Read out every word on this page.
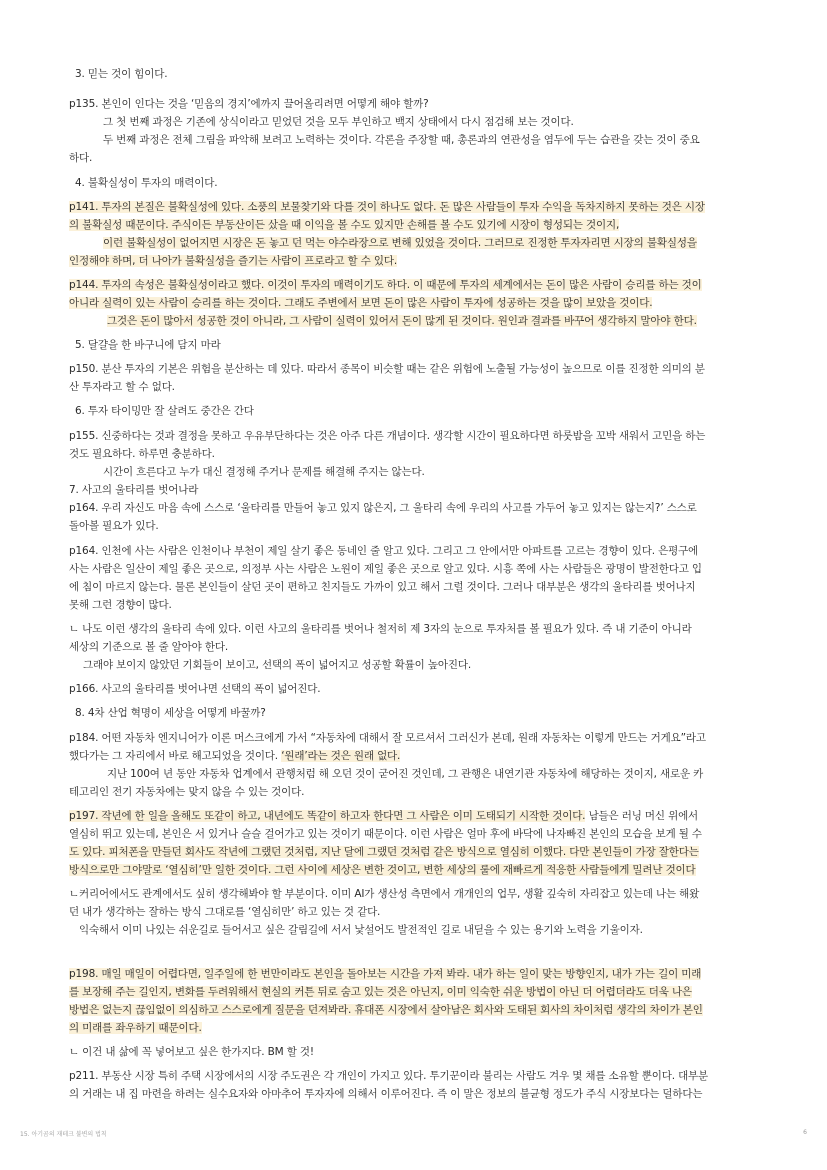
3. 믿는 것이 힘이다.

p135. 본인이 인다는 것을 ‘믿음의 경지’에까지 끌어올리려면 어떻게 해야 할까?

그 첫 번째 과정은 기존에 상식이라고 믿었던 것을 모두 부인하고 백지 상태에서 다시 점검해 보는 것이다.

두 번째 과정은 전체 그림을 파악해 보려고 노력하는 것이다. 각론을 주장할 때, 총론과의 연관성을 염두에 두는 습관을 갖는 것이 중요

하다.

4. 불확실성이 투자의 매력이다.

p141. 투자의 본질은 불확실성에 있다. 소풍의 보물찾기와 다를 것이 하나도 없다. 돈 많은 사람들이 투자 수익을 독차지하지 못하는 것은 시장

의 불확실성 때문이다. 주식이든 부동산이든 샀을 때 이익을 볼 수도 있지만 손해를 볼 수도 있기에 시장이 형성되는 것이지,

이런 불확실성이 없어지면 시장은 돈 놓고 던 먹는 야수라장으로 변해 있었을 것이다. 그러므로 진정한 투자자리면 시장의 불확실성을

인정해야 하며, 더 나아가 불확실성을 즐기는 사람이 프로라고 할 수 있다.

p144. 투자의 속성은 불확실성이라고 했다. 이것이 투자의 매력이기도 하다. 이 때문에 투자의 세계에서는 돈이 많은 사람이 승리를 하는 것이

아니라 실력이 있는 사람이 승리를 하는 것이다. 그래도 주변에서 보면 돈이 많은 사람이 투자에 성공하는 것을 많이 보았을 것이다.

그것은 돈이 많아서 성공한 것이 아니라, 그 사람이 실력이 있어서 돈이 많게 된 것이다. 원인과 결과를 바꾸어 생각하지 말아야 한다.

5. 달걀을 한 바구니에 담지 마라

p150. 분산 투자의 기본은 위험을 분산하는 데 있다. 따라서 종목이 비슷할 때는 같은 위험에 노출될 가능성이 높으므로 이를 진정한 의미의 분

산 투자라고 할 수 없다.

6. 투자 타이밍만 잘 살려도 중간은 간다

p155. 신중하다는 것과 결정을 못하고 우유부단하다는 것은 아주 다른 개념이다. 생각할 시간이 필요하다면 하룻밤을 꼬박 새워서 고민을 하는

것도 필요하다. 하루면 충분하다.

시간이 흐른다고 누가 대신 결정해 주거나 문제를 해결해 주지는 않는다.

7. 사고의 울타리를 벗어나라

p164. 우리 자신도 마음 속에 스스로 ‘울타리를 만들어 놓고 있지 않은지, 그 울타리 속에 우리의 사고를 가두어 놓고 있지는 않는지?’ 스스로

돌아볼 필요가 있다.

p164. 인천에 사는 사람은 인천이나 부천이 제일 살기 좋은 동네인 줄 알고 있다. 그리고 그 안에서만 아파트를 고르는 경향이 있다. 은평구에

사는 사람은 일산이 제일 좋은 곳으로, 의정부 사는 사람은 노원이 제일 좋은 곳으로 알고 있다. 시흥 쪽에 사는 사람들은 광명이 발전한다고 입

에 침이 마르지 않는다. 물론 본인들이 살던 곳이 편하고 친지들도 가까이 있고 해서 그럴 것이다. 그러나 대부분은 생각의 울타리를 벗어나지

못해 그런 경향이 많다.

ㄴ 나도 이런 생각의 울타리 속에 있다. 이런 사고의 울타리를 벗어나 철저히 제 3자의 눈으로 투자처를 볼 필요가 있다. 즉 내 기준이 아니라

세상의 기준으로 볼 줄 알아야 한다.

그래야 보이지 않았던 기회들이 보이고, 선택의 폭이 넓어지고 성공할 확률이 높아진다.

p166. 사고의 울타리를 벗어나면 선택의 폭이 넓어진다.

8. 4차 산업 혁명이 세상을 어떻게 바꿀까?

p184. 어떤 자동차 엔지니어가 이론 머스크에게 가서 “자동차에 대해서 잘 모르셔서 그러신가 본데, 원래 자동차는 이렇게 만드는 거게요”라고

했다가는 그 자리에서 바로 해고되었을 것이다. ‘원래’라는 것은 원래 없다.

지난 100여 년 동안 자동차 업계에서 관행처럼 해 오던 것이 굳어진 것인데, 그 관행은 내연기관 자동차에 해당하는 것이지, 새로운 카

테고리인 전기 자동차에는 맞지 않을 수 있는 것이다.

p197. 작년에 한 일을 올해도 또같이 하고, 내년에도 똑같이 하고자 한다면 그 사람은 이미 도태되기 시작한 것이다. 남들은 러닝 머신 위에서

열심히 뛰고 있는데, 본인은 서 있거나 슬슬 걸어가고 있는 것이기 때문이다. 이런 사람은 얼마 후에 바닥에 나자빠진 본인의 모습을 보게 될 수

도 있다. 피처폰을 만들던 회사도 작년에 그랬던 것처럼, 지난 달에 그랬던 것처럼 같은 방식으로 열심히 이했다. 다만 본인들이 가장 잘한다는

방식으로만 그야말로 ‘열심히’만 일한 것이다. 그런 사이에 세상은 변한 것이고, 변한 세상의 룰에 재빠르게 적응한 사람들에게 밀려난 것이다

ㄴ커리어에서도 관계에서도 싶히 생각해봐야 할 부분이다. 이미 AI가 생산성 측면에서 개개인의 업무, 생활 깊숙히 자리잡고 있는데 나는 해왔

던 내가 생각하는 잘하는 방식 그대로를 ‘열심히만’ 하고 있는 것 같다.

익숙해서 이미 나있는 쉬운길로 들어서고 싶은 갈림길에 서서 낯설어도 발전적인 길로 내딛을 수 있는 용기와 노력을 기울이자.

p198. 매일 매일이 어렵다면, 일주일에 한 번만이라도 본인을 돌아보는 시간을 가져 봐라. 내가 하는 일이 맞는 방향인지, 내가 가는 길이 미래

를 보장해 주는 길인지, 변화를 두려워해서 현실의 커튼 뒤로 숨고 있는 것은 아닌지, 이미 익숙한 쉬운 방법이 아닌 더 어렵더라도 더욱 나은

방법은 없는지 끊임없이 의심하고 스스로에게 질문을 던져봐라. 휴대폰 시장에서 살아남은 회사와 도태된 회사의 차이처럼 생각의 차이가 본인

의 미래를 좌우하기 때문이다.

ㄴ 이건 내 삶에 꼭 넣어보고 싶은 한가지다. BM 할 것!

p211. 부동산 시장 특히 주택 시장에서의 시장 주도권은 각 개인이 가지고 있다. 투기꾼이라 불리는 사람도 겨우 몇 채를 소유할 뿐이다. 대부분

의 거래는 내 집 마련을 하려는 실수요자와 아마추어 투자자에 의해서 이루어진다. 즉 이 말은 정보의 불균형 정도가 주식 시장보다는 덜하다는

15. 아기곰의 재테크 불변의 법칙	6
